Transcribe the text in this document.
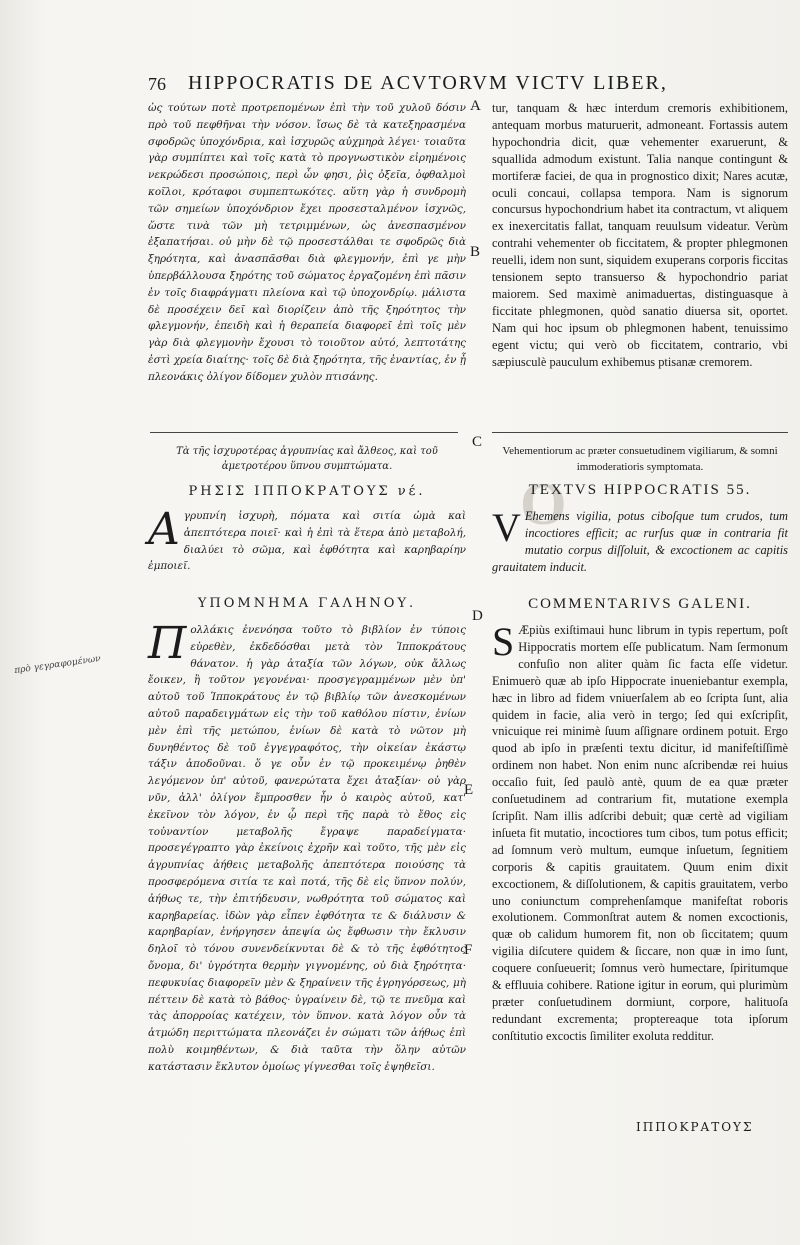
O
76 HIPPOCRATIS DE ACVTORVM VICTV LIBER,
ὡς τούτων ποτὲ προτρεπομένων ἐπὶ τὴν τοῦ χυλοῦ δόσιν πρὸ τοῦ πεφθῆναι τὴν νόσον. ἴσως δὲ τὰ κατεξηρασμένα σφοδρῶς ὑποχόνδρια, καὶ ἰσχυρῶς αὐχμηρὰ λέγει· τοιαῦτα γὰρ συμπίπτει καὶ τοῖς κατὰ τὸ προγνωστικὸν εἰρημένοις νεκρώδεσι προσώποις, περὶ ὧν φησι, ῥὶς ὀξεῖα, ὀφθαλμοὶ κοῖλοι, κρόταφοι συμπεπτωκότες. αὕτη γὰρ ἡ συνδρομὴ τῶν σημείων ὑποχόνδριον ἔχει προσεσταλμένον ἰσχνῶς, ὥστε τινὰ τῶν μὴ τετριμμένων, ὡς ἀνεσπασμένον ἐξαπατήσαι. οὐ μὴν δὲ τῷ προσεστάλθαι τε σφοδρῶς διὰ ξηρότητα, καὶ ἀνασπᾶσθαι διὰ φλεγμονήν, ἐπὶ γε μὴν ὑπερβάλλουσα ξηρότης τοῦ σώματος ἐργαζομένη ἐπὶ πᾶσιν ἐν τοῖς διαφράγματι πλείονα καὶ τῷ ὑποχονδρίῳ. μάλιστα δὲ προσέχειν δεῖ καὶ διορίζειν ἀπὸ τῆς ξηρότητος τὴν φλεγμονήν, ἐπειδὴ καὶ ἡ θεραπεία διαφορεῖ ἐπὶ τοῖς μὲν γὰρ διὰ φλεγμονὴν ἔχουσι τὸ τοιοῦτον αὐτό, λεπτοτάτης ἐστὶ χρεία διαίτης· τοῖς δὲ διὰ ξηρότητα, τῆς ἐναντίας, ἐν ᾗ πλεονάκις ὀλίγον δίδομεν χυλὸν πτισάνης.
tur, tanquam & hæc interdum cremoris exhibitionem, antequam morbus maturuerit, admoneant. Fortassis autem hypochondria dicit, quæ vehementer exaruerunt, & squallida admodum existunt. Talia nanque contingunt & mortiferæ faciei, de qua in prognostico dixit; Nares acutæ, oculi concaui, collapsa tempora. Nam is signorum concursus hypochondrium habet ita contractum, vt aliquem ex inexercitatis fallat, tanquam reuulsum videatur. Verùm contrahi vehementer ob ficcitatem, & propter phlegmonen reuelli, idem non sunt, siquidem exuperans corporis ficcitas tensionem septo transuerso & hypochondrio pariat maiorem. Sed maximè animaduertas, distinguasque à ficcitate phlegmonen, quòd sanatio diuersa sit, oportet. Nam qui hoc ipsum ob phlegmonen habent, tenuissimo egent victu; qui verò ob ficcitatem, contrario, vbi sæpiusculè pauculum exhibemus ptisanæ cremorem.
A
B
C
D
E
F
Τὰ τῆς ἰσχυροτέρας ἀγρυπνίας καὶ ἄλθεος, καὶ τοῦ ἀμετροτέρου ὕπνου συμπτώματα.
Vehementiorum ac præter consuetudinem vigiliarum, & somni immoderatioris symptomata.
ΡΗΣΙΣ ΙΠΠΟΚΡΑΤΟΥΣ νέ.	TEXTVS HIPPOCRATIS 55.
Α γρυπνίη ἰσχυρὴ, πόματα καὶ σιτία ὠμὰ καὶ ἀπεπτότερα ποιεῖ· καὶ ἡ ἐπὶ τὰ ἕτερα ἀπὸ μεταβολή, διαλύει τὸ σῶμα, καὶ ἑφθότητα καὶ καρηβαρίην ἐμποιεῖ.
V Ehemens vigilia, potus ciboſque tum crudos, tum incoctiores efficit; ac rurſus quæ in contraria fit mutatio corpus diſſoluit, & excoctionem ac capitis grauitatem inducit.
ΥΠΟΜΝΗΜΑ ΓΑΛΗΝΟΥ.	COMMENTARIVS GALENI.
Π ολλάκις ἐνενόησα τοῦτο τὸ βιβλίον ἐν τύποις εὑρεθὲν, ἐκδεδόσθαι μετὰ τὸν Ἱπποκράτους θάνατον. ἡ γὰρ ἀταξία τῶν λόγων, οὐκ ἄλλως ἔοικεν, ἢ τοῦτον γεγονέναι· προσγεγραμμένων μὲν ὑπ' αὐτοῦ τοῦ Ἱπποκράτους ἐν τῷ βιβλίῳ τῶν ἀνεσκομένων αὐτοῦ παραδειγμάτων εἰς τὴν τοῦ καθόλου πίστιν, ἐνίων μὲν ἐπὶ τῆς μετώπου, ἐνίων δὲ κατὰ τὸ νῶτον μὴ δυνηθέντος δὲ τοῦ ἐγγεγραφότος, τὴν οἰκείαν ἑκάστῳ τάξιν ἀποδοῦναι. ὅ γε οὖν ἐν τῷ προκειμένῳ ῥηθὲν λεγόμενον ὑπ' αὐτοῦ, φανερώτατα ἔχει ἀταξίαν· οὐ γὰρ νῦν, ἀλλ' ὀλίγον ἔμπροσθεν ἦν ὁ καιρὸς αὐτοῦ, κατ' ἐκεῖνον τὸν λόγον, ἐν ᾧ περὶ τῆς παρὰ τὸ ἔθος εἰς τοὐναντίον μεταβολῆς ἔγραψε παραδείγματα· προσεγέγραπτο γὰρ ἐκείνοις ἐχρῆν καὶ τοῦτο, τῆς μὲν εἰς ἀγρυπνίας ἀήθεις μεταβολῆς ἀπεπτότερα ποιούσης τὰ προσφερόμενα σιτία τε καὶ ποτά, τῆς δὲ εἰς ὕπνον πολύν, ἀήθως τε, τὴν ἐπιτήδευσιν, νωθρότητα τοῦ σώματος καὶ καρηβαρείας. ἰδὼν γὰρ εἶπεν ἑφθότητα τε & διάλυσιν & καρηβαρίαν, ἐνήργησεν ἀπεψία ὡς ἔφθωσιν τὴν ἔκλυσιν δηλοῖ τὸ τόνου συνενδείκνυται δὲ & τὸ τῆς ἑφθότητος ὄνομα, δι' ὑγρότητα θερμὴν γιγνομένης, οὐ διὰ ξηρότητα· πεφυκυίας διαφορεῖν μὲν & ξηραίνειν τῆς ἐγρηγόρσεως, μὴ πέττειν δὲ κατὰ τὸ βάθος· ὑγραίνειν δὲ, τῷ τε πνεῦμα καὶ τὰς ἀπορροίας κατέχειν, τὸν ὕπνον. κατὰ λόγον οὖν τὰ ἀτμώδη περιττώματα πλεονάζει ἐν σώματι τῶν ἀήθως ἐπὶ πολὺ κοιμηθέντων, & διὰ ταῦτα τὴν ὅλην αὐτῶν κατάστασιν ἔκλυτον ὁμοίως γίγνεσθαι τοῖς ἑψηθεῖσι.
S Æpiùs exiſtimaui hunc librum in typis repertum, poſt Hippocratis mortem eſſe publicatum. Nam ſermonum confuſio non aliter quàm ſic facta eſſe videtur. Enimuerò quæ ab ipſo Hippocrate inueniebantur exempla, hæc in libro ad fidem vniuerſalem ab eo ſcripta ſunt, alia quidem in facie, alia verò in tergo; ſed qui exſcripſit, vnicuique rei minimè ſuum aſſignare ordinem potuit. Ergo quod ab ipſo in præſenti textu dicitur, id manifeſtiſſimè ordinem non habet. Non enim nunc aſcribendæ rei huius occaſio fuit, ſed paulò antè, quum de ea quæ præter conſuetudinem ad contrarium fit, mutatione exempla ſcripſit. Nam illis adſcribi debuit; quæ certè ad vigiliam inſueta fit mutatio, incoctiores tum cibos, tum potus efficit; ad ſomnum verò multum, eumque inſuetum, ſegnitiem corporis & capitis grauitatem. Quum enim dixit excoctionem, & diſſolutionem, & capitis grauitatem, verbo uno coniunctum comprehenſamque manifeſtat roboris exolutionem. Commonſtrat autem & nomen excoctionis, quæ ob calidum humorem fit, non ob ſiccitatem; quum vigilia diſcutere quidem & ſiccare, non quæ in imo ſunt, coquere conſueuerit; ſomnus verò humectare, ſpiritumque & effluuia cohibere. Ratione igitur in eorum, qui plurimùm præter conſuetudinem dormiunt, corpore, halituoſa redundant excrementa; proptereaque tota ipſorum conſtitutio excoctis ſimiliter exoluta redditur.
πρὸ γεγραφομένων
ΙΠΠΟΚΡΑΤΟΥΣ
